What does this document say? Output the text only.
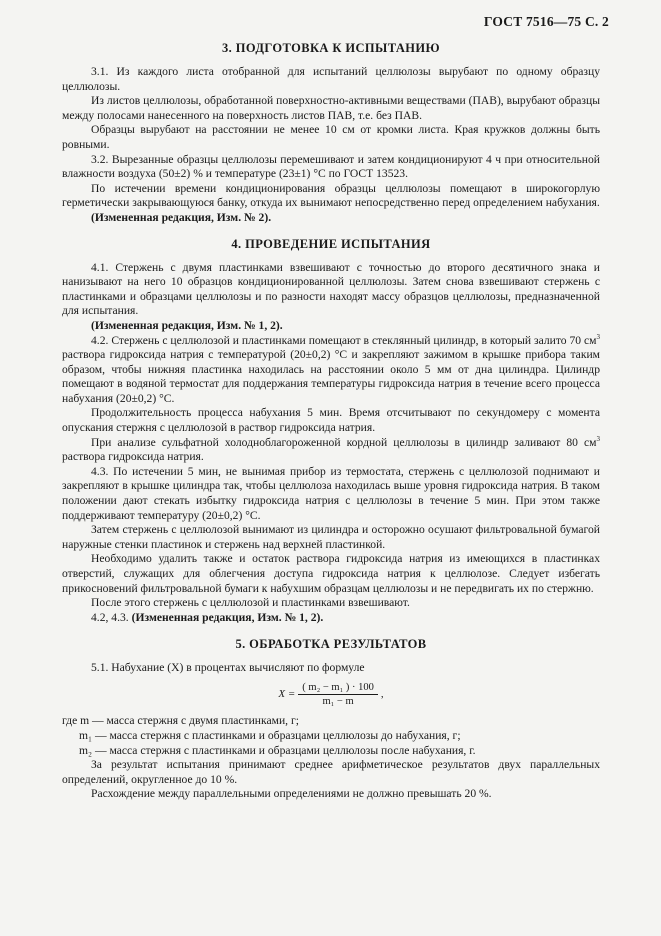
ГОСТ 7516—75 С. 2
3. ПОДГОТОВКА К ИСПЫТАНИЮ

3.1. Из каждого листа отобранной для испытаний целлюлозы вырубают по одному образцу целлюлозы.

Из листов целлюлозы, обработанной поверхностно-активными веществами (ПАВ), вырубают образцы между полосами нанесенного на поверхность листов ПАВ, т.е. без ПАВ.

Образцы вырубают на расстоянии не менее 10 см от кромки листа. Края кружков должны быть ровными.

3.2. Вырезанные образцы целлюлозы перемешивают и затем кондиционируют 4 ч при относительной влажности воздуха (50±2) % и температуре (23±1) °С по ГОСТ 13523.

По истечении времени кондиционирования образцы целлюлозы помещают в широкогорлую герметически закрывающуюся банку, откуда их вынимают непосредственно перед определением набухания.

(Измененная редакция, Изм. № 2).

4. ПРОВЕДЕНИЕ ИСПЫТАНИЯ

4.1. Стержень с двумя пластинками взвешивают с точностью до второго десятичного знака и нанизывают на него 10 образцов кондиционированной целлюлозы. Затем снова взвешивают стержень с пластинками и образцами целлюлозы и по разности находят массу образцов целлюлозы, предназначенной для испытания.

(Измененная редакция, Изм. № 1, 2).

4.2. Стержень с целлюлозой и пластинками помещают в стеклянный цилиндр, в который залито 70 $см^3$ раствора гидроксида натрия с температурой (20±0,2) °С и закрепляют зажимом в крышке прибора таким образом, чтобы нижняя пластинка находилась на расстоянии около 5 мм от дна цилиндра. Цилиндр помещают в водяной термостат для поддержания температуры гидроксида натрия в течение всего процесса набухания (20±0,2) °С.

Продолжительность процесса набухания 5 мин. Время отсчитывают по секундомеру с момента опускания стержня с целлюлозой в раствор гидроксида натрия.

При анализе сульфатной холодноблагороженной кордной целлюлозы в цилиндр заливают 80 $см^3$ раствора гидроксида натрия.

4.3. По истечении 5 мин, не вынимая прибор из термостата, стержень с целлюлозой поднимают и закрепляют в крышке цилиндра так, чтобы целлюлоза находилась выше уровня гидроксида натрия. В таком положении дают стекать избытку гидроксида натрия с целлюлозы в течение 5 мин. При этом также поддерживают температуру (20±0,2) °С.

Затем стержень с целлюлозой вынимают из цилиндра и осторожно осушают фильтровальной бумагой наружные стенки пластинок и стержень над верхней пластинкой.

Необходимо удалить также и остаток раствора гидроксида натрия из имеющихся в пластинках отверстий, служащих для облегчения доступа гидроксида натрия к целлюлозе. Следует избегать прикосновений фильтровальной бумаги к набухшим образцам целлюлозы и не передвигать их по стержню.

После этого стержень с целлюлозой и пластинками взвешивают.

4.2, 4.3. (Измененная редакция, Изм. № 1, 2).

5. ОБРАБОТКА РЕЗУЛЬТАТОВ

5.1. Набухание (X) в процентах вычисляют по формуле

$X = \frac{\text{( m₂ − m₁ ) · 100}}{\text{m₁ − m}}$ ,

где m — масса стержня с двумя пластинками, г;

m₁ — масса стержня с пластинками и образцами целлюлозы до набухания, г;

m₂ — масса стержня с пластинками и образцами целлюлозы после набухания, г.

За результат испытания принимают среднее арифметическое результатов двух параллельных определений, округленное до 10 %.

Расхождение между параллельными определениями не должно превышать 20 %.
